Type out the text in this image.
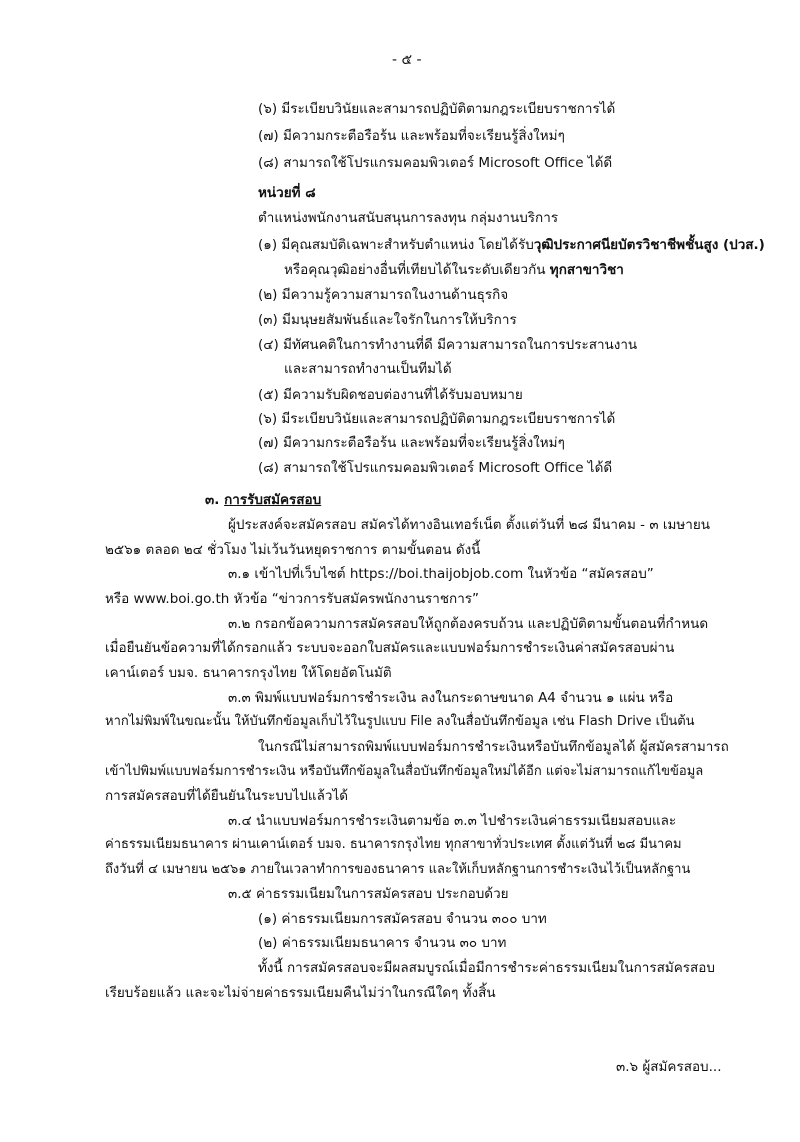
- ๕ -
(๖) มีระเบียบวินัยและสามารถปฏิบัติตามกฎระเบียบราชการได้
(๗) มีความกระตือรือร้น และพร้อมที่จะเรียนรู้สิ่งใหม่ๆ
(๘) สามารถใช้โปรแกรมคอมพิวเตอร์ Microsoft Office ได้ดี
หน่วยที่ ๘
ตำแหน่งพนักงานสนับสนุนการลงทุน กลุ่มงานบริการ
(๑) มีคุณสมบัติเฉพาะสำหรับตำแหน่ง โดยได้รับวุฒิประกาศนียบัตรวิชาชีพชั้นสูง (ปวส.)
หรือคุณวุฒิอย่างอื่นที่เทียบได้ในระดับเดียวกัน ทุกสาขาวิชา
(๒) มีความรู้ความสามารถในงานด้านธุรกิจ
(๓) มีมนุษยสัมพันธ์และใจรักในการให้บริการ
(๔) มีทัศนคติในการทำงานที่ดี มีความสามารถในการประสานงาน
และสามารถทำงานเป็นทีมได้
(๕) มีความรับผิดชอบต่องานที่ได้รับมอบหมาย
(๖) มีระเบียบวินัยและสามารถปฏิบัติตามกฎระเบียบราชการได้
(๗) มีความกระตือรือร้น และพร้อมที่จะเรียนรู้สิ่งใหม่ๆ
(๘) สามารถใช้โปรแกรมคอมพิวเตอร์ Microsoft Office ได้ดี
๓. การรับสมัครสอบ
ผู้ประสงค์จะสมัครสอบ สมัครได้ทางอินเทอร์เน็ต ตั้งแต่วันที่ ๒๘ มีนาคม - ๓ เมษายน
๒๕๖๑ ตลอด ๒๔ ชั่วโมง ไม่เว้นวันหยุดราชการ ตามขั้นตอน ดังนี้
๓.๑ เข้าไปที่เว็บไซต์ https://boi.thaijobjob.com ในหัวข้อ “สมัครสอบ”
หรือ www.boi.go.th หัวข้อ “ข่าวการรับสมัครพนักงานราชการ”
๓.๒ กรอกข้อความการสมัครสอบให้ถูกต้องครบถ้วน และปฏิบัติตามขั้นตอนที่กำหนด
เมื่อยืนยันข้อความที่ได้กรอกแล้ว ระบบจะออกใบสมัครและแบบฟอร์มการชำระเงินค่าสมัครสอบผ่าน
เคาน์เตอร์ บมจ. ธนาคารกรุงไทย ให้โดยอัตโนมัติ
๓.๓ พิมพ์แบบฟอร์มการชำระเงิน ลงในกระดาษขนาด A4 จำนวน ๑ แผ่น หรือ
หากไม่พิมพ์ในขณะนั้น ให้บันทึกข้อมูลเก็บไว้ในรูปแบบ File ลงในสื่อบันทึกข้อมูล เช่น Flash Drive เป็นต้น
ในกรณีไม่สามารถพิมพ์แบบฟอร์มการชำระเงินหรือบันทึกข้อมูลได้ ผู้สมัครสามารถ
เข้าไปพิมพ์แบบฟอร์มการชำระเงิน หรือบันทึกข้อมูลในสื่อบันทึกข้อมูลใหม่ได้อีก แต่จะไม่สามารถแก้ไขข้อมูล
การสมัครสอบที่ได้ยืนยันในระบบไปแล้วได้
๓.๔ นำแบบฟอร์มการชำระเงินตามข้อ ๓.๓ ไปชำระเงินค่าธรรมเนียมสอบและ
ค่าธรรมเนียมธนาคาร ผ่านเคาน์เตอร์ บมจ. ธนาคารกรุงไทย ทุกสาขาทั่วประเทศ ตั้งแต่วันที่ ๒๘ มีนาคม
ถึงวันที่ ๔ เมษายน ๒๕๖๑ ภายในเวลาทำการของธนาคาร และให้เก็บหลักฐานการชำระเงินไว้เป็นหลักฐาน
๓.๕ ค่าธรรมเนียมในการสมัครสอบ ประกอบด้วย
(๑) ค่าธรรมเนียมการสมัครสอบ จำนวน ๓๐๐ บาท
(๒) ค่าธรรมเนียมธนาคาร จำนวน ๓๐ บาท
ทั้งนี้ การสมัครสอบจะมีผลสมบูรณ์เมื่อมีการชำระค่าธรรมเนียมในการสมัครสอบ
เรียบร้อยแล้ว และจะไม่จ่ายค่าธรรมเนียมคืนไม่ว่าในกรณีใดๆ ทั้งสิ้น
๓.๖ ผู้สมัครสอบ...
